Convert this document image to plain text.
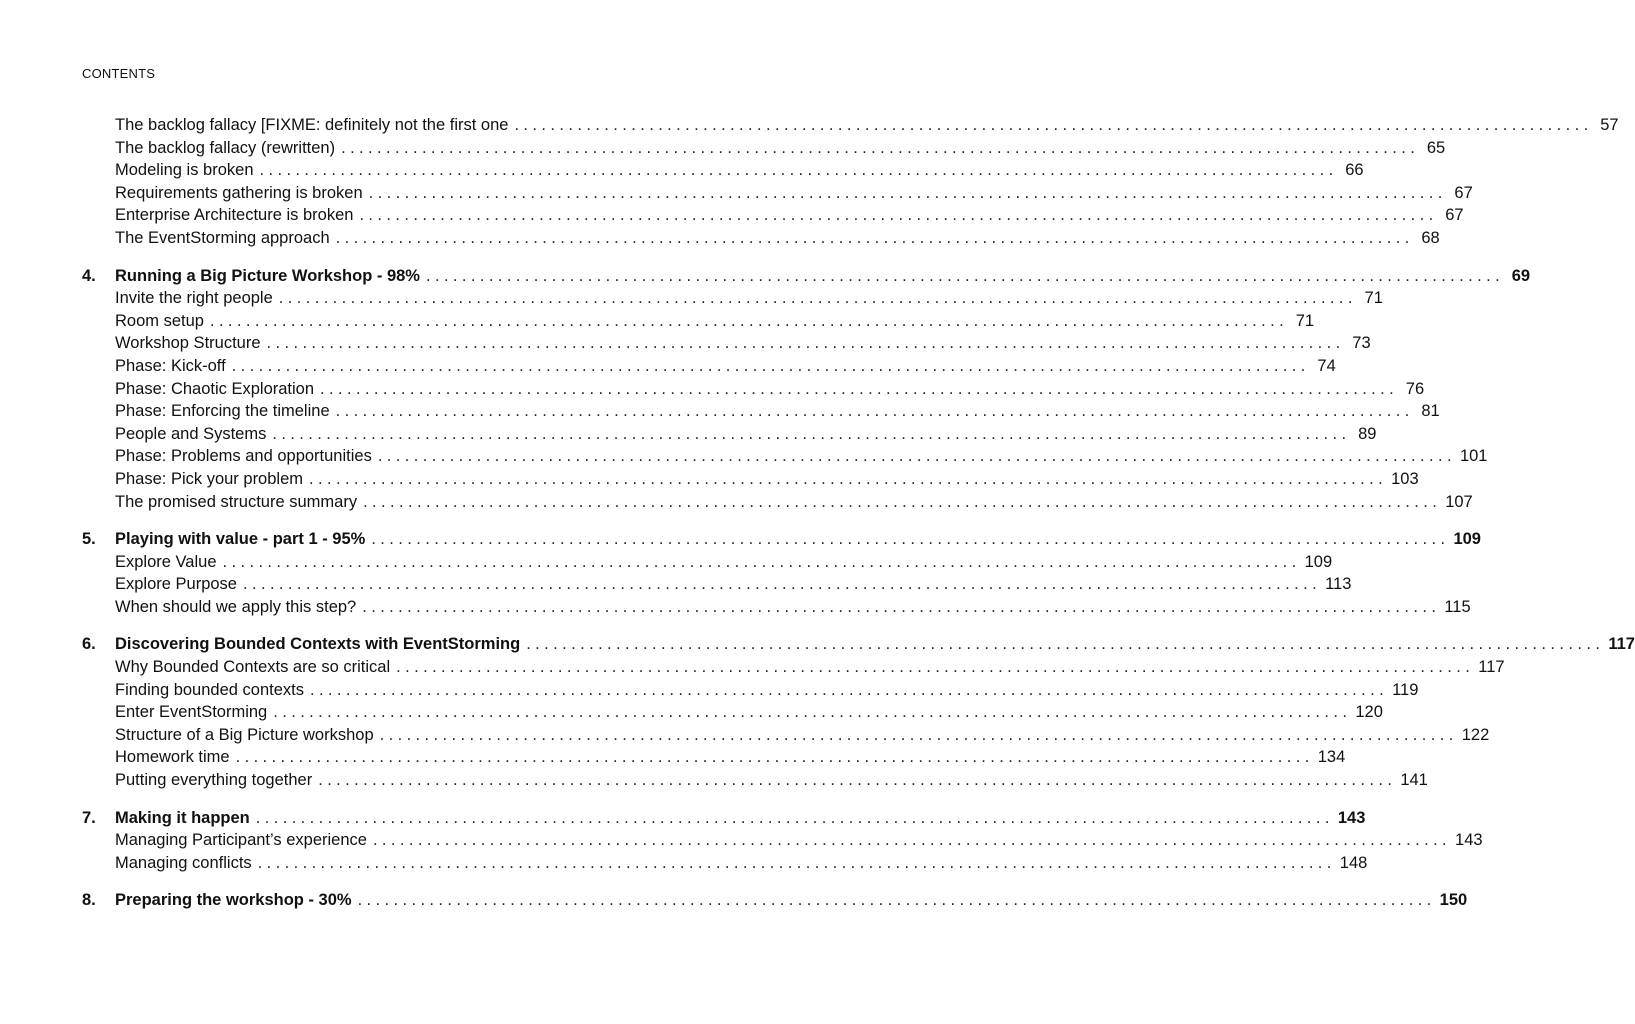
CONTENTS
The backlog fallacy [FIXME: definitely not the first one ........................................................................................................................ 57
The backlog fallacy (rewritten) ........................................................................................................................ 65
Modeling is broken ........................................................................................................................ 66
Requirements gathering is broken ........................................................................................................................ 67
Enterprise Architecture is broken ........................................................................................................................ 67
The EventStorming approach ........................................................................................................................ 68
4.	Running a Big Picture Workshop - 98% ........................................................................................................................ 69
Invite the right people ........................................................................................................................ 71
Room setup ........................................................................................................................ 71
Workshop Structure ........................................................................................................................ 73
Phase: Kick-off ........................................................................................................................ 74
Phase: Chaotic Exploration ........................................................................................................................ 76
Phase: Enforcing the timeline ........................................................................................................................ 81
People and Systems ........................................................................................................................ 89
Phase: Problems and opportunities ........................................................................................................................ 101
Phase: Pick your problem ........................................................................................................................ 103
The promised structure summary ........................................................................................................................ 107
5.	Playing with value - part 1 - 95% ........................................................................................................................ 109
Explore Value ........................................................................................................................ 109
Explore Purpose ........................................................................................................................ 113
When should we apply this step? ........................................................................................................................ 115
6.	Discovering Bounded Contexts with EventStorming ........................................................................................................................ 117
Why Bounded Contexts are so critical ........................................................................................................................ 117
Finding bounded contexts ........................................................................................................................ 119
Enter EventStorming ........................................................................................................................ 120
Structure of a Big Picture workshop ........................................................................................................................ 122
Homework time ........................................................................................................................ 134
Putting everything together ........................................................................................................................ 141
7.	Making it happen ........................................................................................................................ 143
Managing Participant’s experience ........................................................................................................................ 143
Managing conflicts ........................................................................................................................ 148
8.	Preparing the workshop - 30% ........................................................................................................................ 150
